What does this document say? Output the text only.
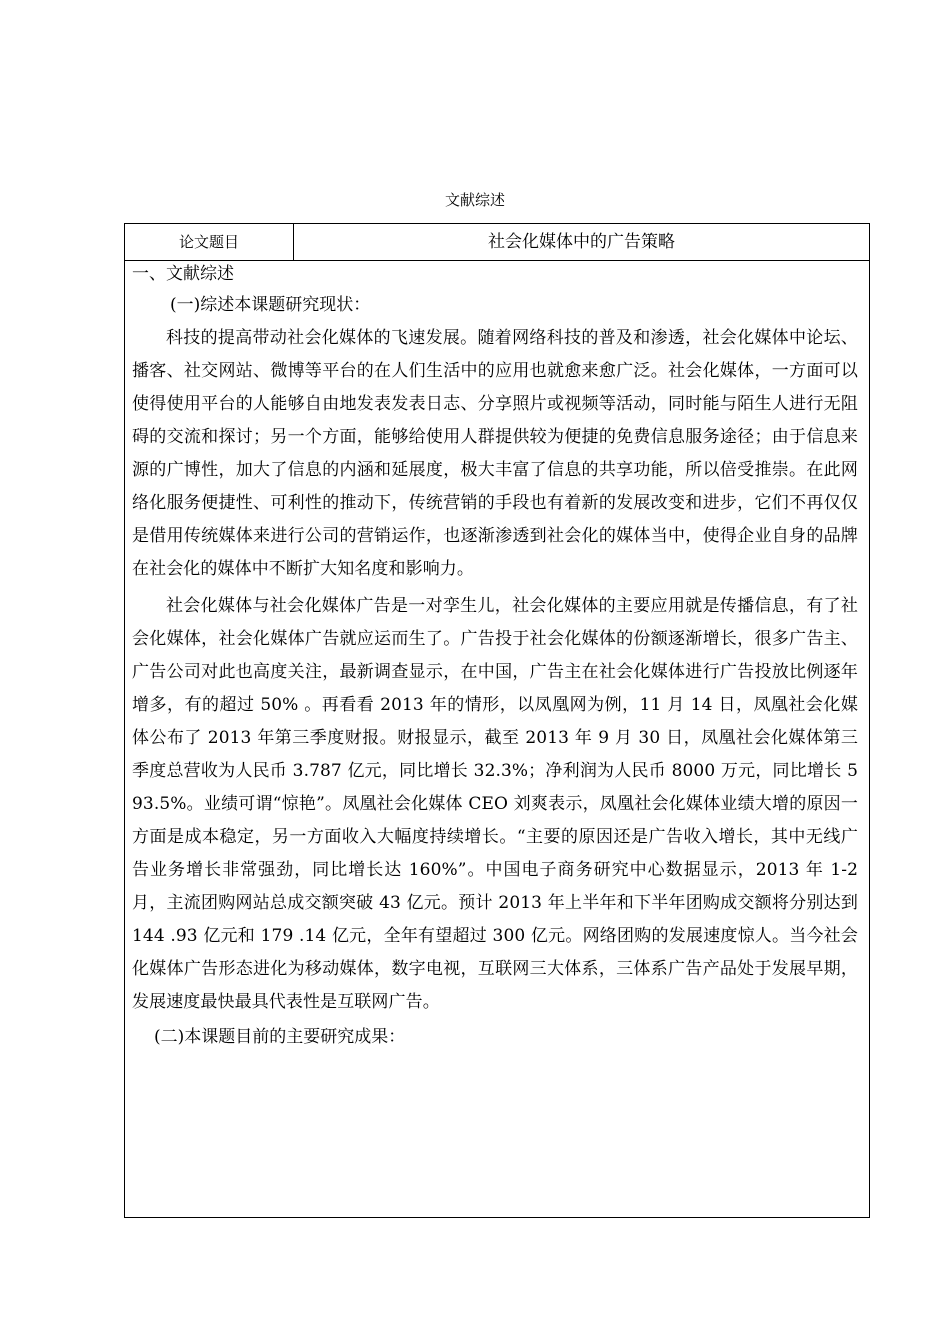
文献综述
论文题目	社会化媒体中的广告策略

一、文献综述

(一)综述本课题研究现状：

科技的提高带动社会化媒体的飞速发展。随着网络科技的普及和渗透，社会化媒体中论坛、播客、社交网站、微博等平台的在人们生活中的应用也就愈来愈广泛。社会化媒体，一方面可以使得使用平台的人能够自由地发表发表日志、分享照片或视频等活动，同时能与陌生人进行无阻碍的交流和探讨；另一个方面，能够给使用人群提供较为便捷的免费信息服务途径；由于信息来源的广博性，加大了信息的内涵和延展度，极大丰富了信息的共享功能，所以倍受推崇。在此网络化服务便捷性、可利性的推动下，传统营销的手段也有着新的发展改变和进步，它们不再仅仅是借用传统媒体来进行公司的营销运作，也逐渐渗透到社会化的媒体当中，使得企业自身的品牌在社会化的媒体中不断扩大知名度和影响力。

社会化媒体与社会化媒体广告是一对孪生儿，社会化媒体的主要应用就是传播信息，有了社会化媒体，社会化媒体广告就应运而生了。广告投于社会化媒体的份额逐渐增长，很多广告主、广告公司对此也高度关注，最新调查显示，在中国，广告主在社会化媒体进行广告投放比例逐年增多，有的超过 50% 。再看看 2013 年的情形，以凤凰网为例，11 月 14 日，凤凰社会化媒体公布了 2013 年第三季度财报。财报显示，截至 2013 年 9 月 30 日，凤凰社会化媒体第三季度总营收为人民币 3.787 亿元，同比增长 32.3%；净利润为人民币 8000 万元，同比增长 593.5%。业绩可谓“惊艳”。凤凰社会化媒体 CEO 刘爽表示，凤凰社会化媒体业绩大增的原因一方面是成本稳定，另一方面收入大幅度持续增长。“主要的原因还是广告收入增长，其中无线广告业务增长非常强劲，同比增长达 160%”。中国电子商务研究中心数据显示，2013 年 1-2 月，主流团购网站总成交额突破 43 亿元。预计 2013 年上半年和下半年团购成交额将分别达到 144 .93 亿元和 179 .14 亿元，全年有望超过 300 亿元。网络团购的发展速度惊人。当今社会化媒体广告形态进化为移动媒体，数字电视，互联网三大体系，三体系广告产品处于发展早期，发展速度最快最具代表性是互联网广告。

(二)本课题目前的主要研究成果：
